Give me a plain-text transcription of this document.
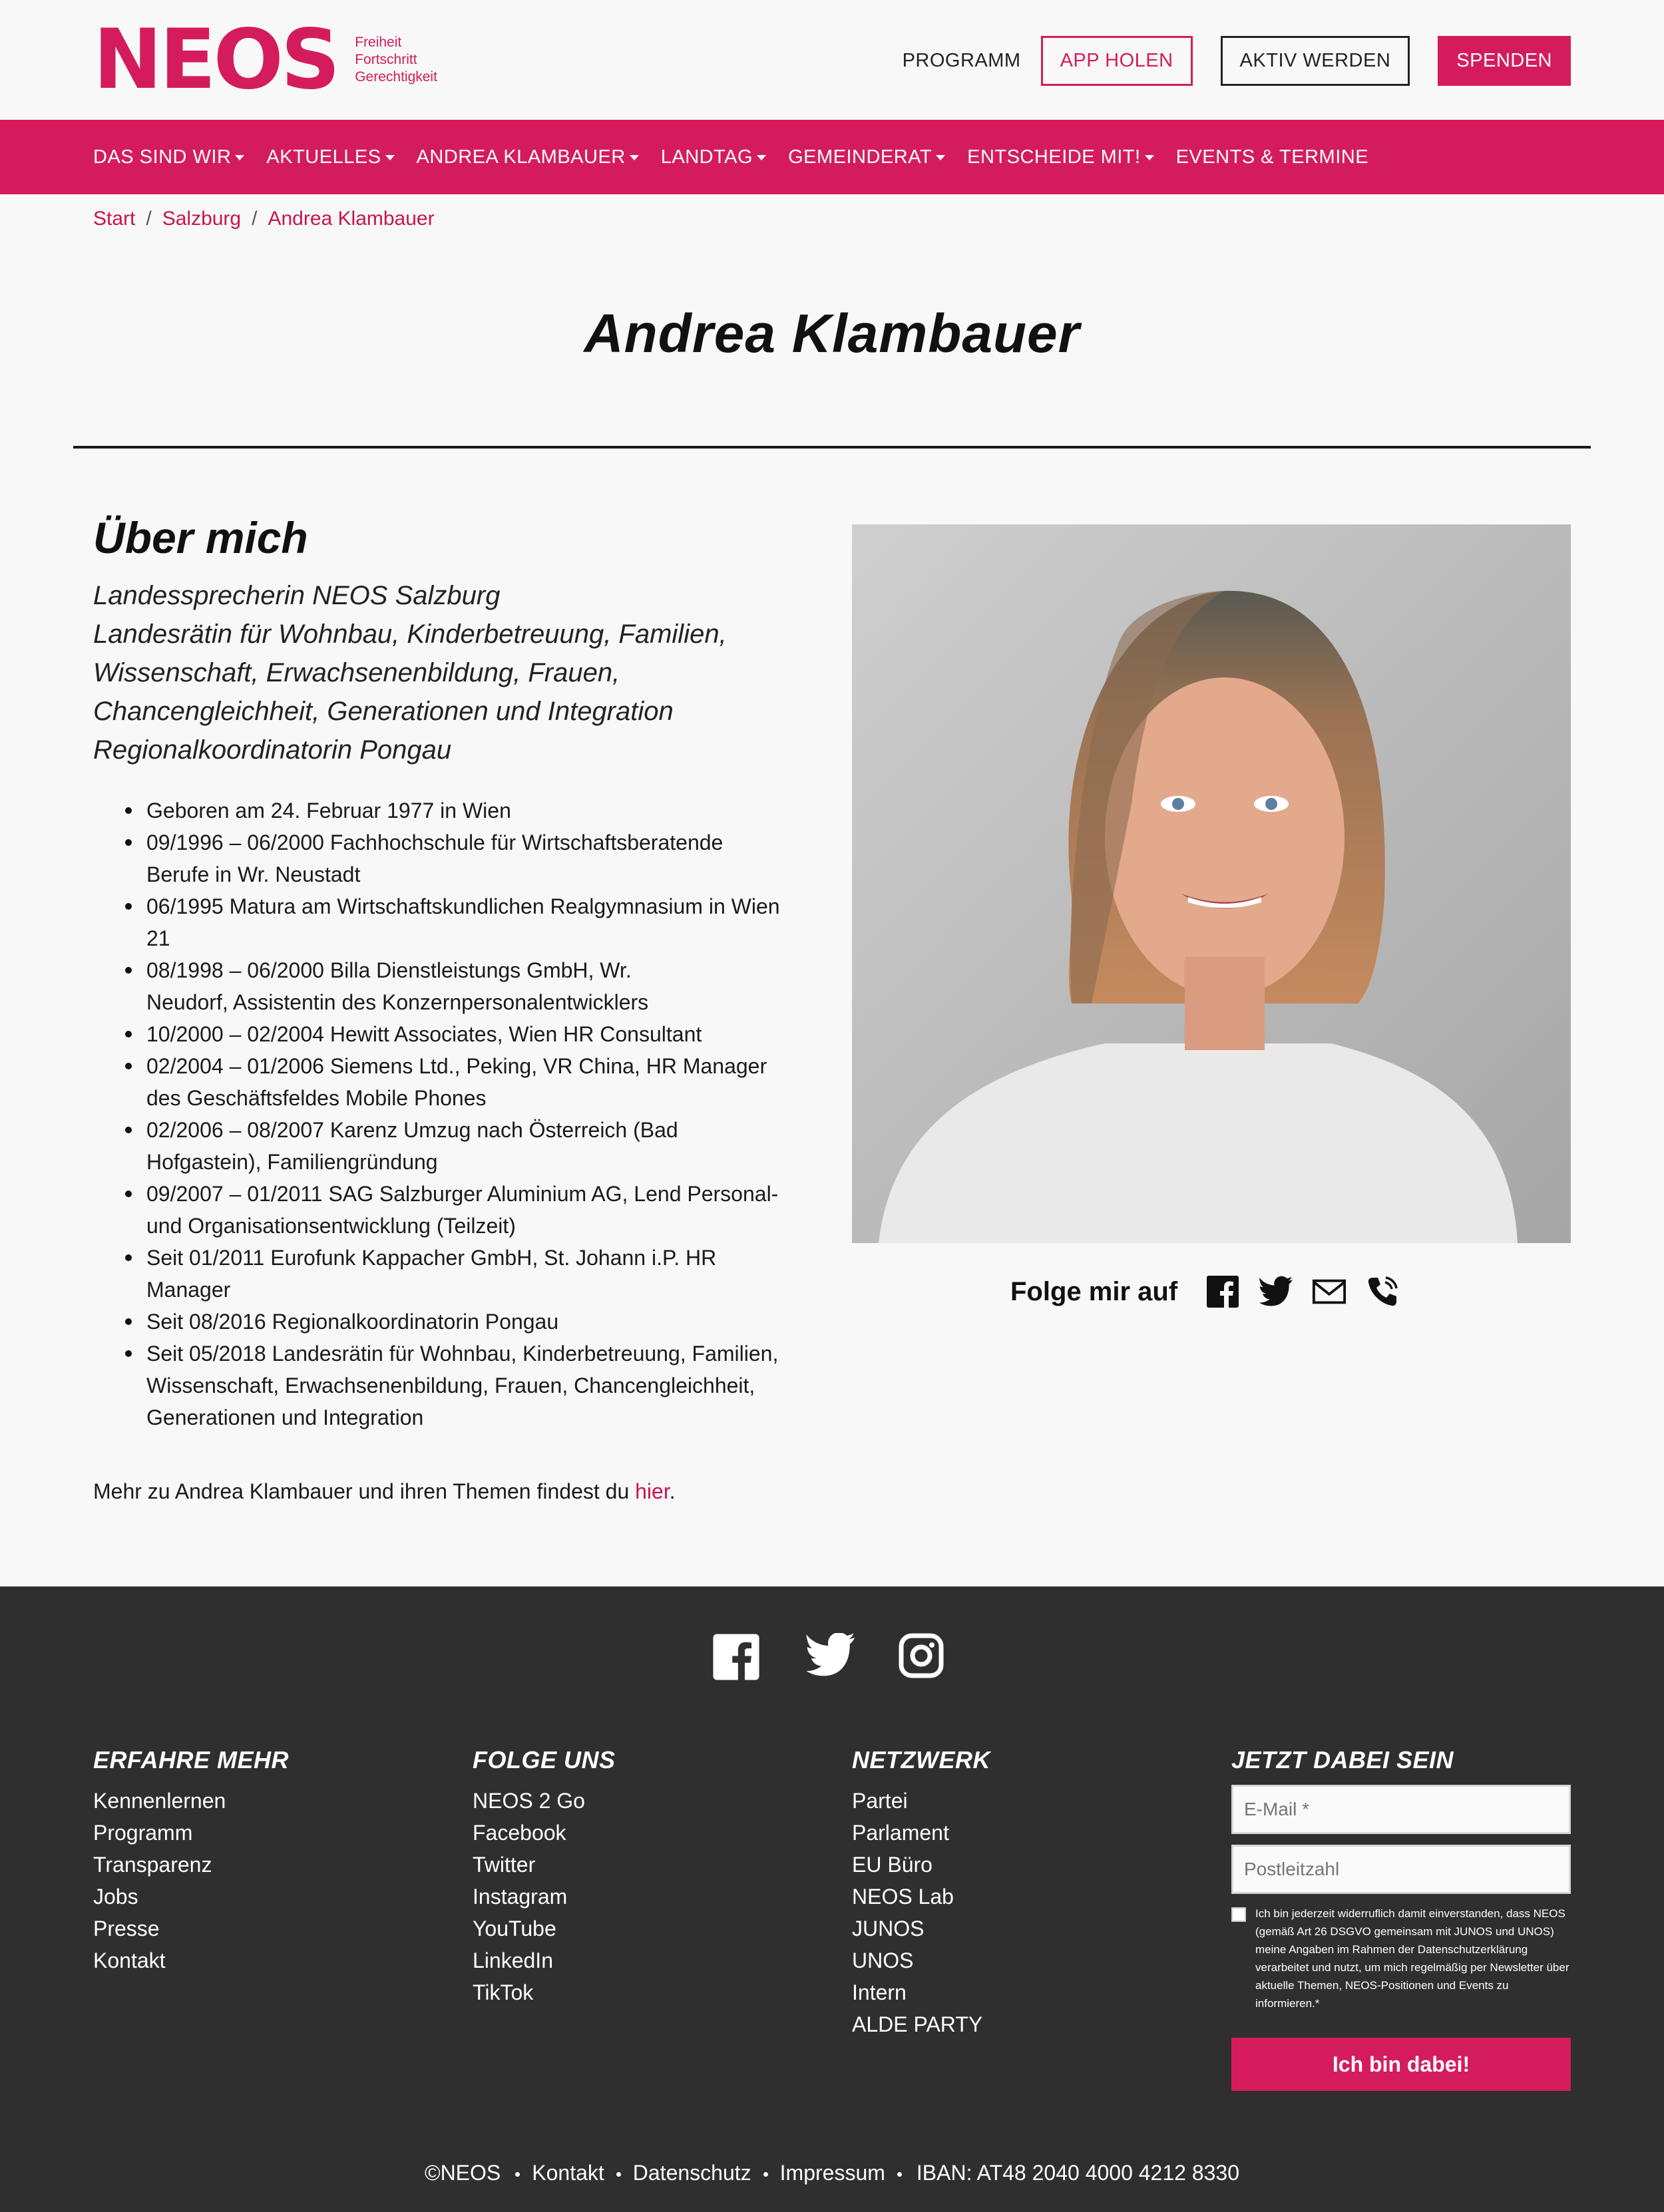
NEOS Freiheit
Fortschritt
Gerechtigkeit
PROGRAMM	APP HOLEN	AKTIV WERDEN	SPENDEN
DAS SIND WIR AKTUELLES ANDREA KLAMBAUER LANDTAG GEMEINDERAT ENTSCHEIDE MIT! EVENTS & TERMINE
Start / Salzburg / Andrea Klambauer
Andrea Klambauer
Über mich
Landessprecherin NEOS Salzburg
Landesrätin für Wohnbau, Kinderbetreuung, Familien,
Wissenschaft, Erwachsenenbildung, Frauen,
Chancengleichheit, Generationen und Integration
Regionalkoordinatorin Pongau
Geboren am 24. Februar 1977 in Wien
09/1996 – 06/2000 Fachhochschule für Wirtschaftsberatende
Berufe in Wr. Neustadt
06/1995 Matura am Wirtschaftskundlichen Realgymnasium in Wien
21
08/1998 – 06/2000 Billa Dienstleistungs GmbH, Wr.
Neudorf, Assistentin des Konzernpersonalentwicklers
10/2000 – 02/2004 Hewitt Associates, Wien HR Consultant
02/2004 – 01/2006 Siemens Ltd., Peking, VR China, HR Manager
des Geschäftsfeldes Mobile Phones
02/2006 – 08/2007 Karenz Umzug nach Österreich (Bad
Hofgastein), Familiengründung
09/2007 – 01/2011 SAG Salzburger Aluminium AG, Lend Personal-
und Organisationsentwicklung (Teilzeit)
Seit 01/2011 Eurofunk Kappacher GmbH, St. Johann i.P. HR
Manager
Seit 08/2016 Regionalkoordinatorin Pongau
Seit 05/2018 Landesrätin für Wohnbau, Kinderbetreuung, Familien,
Wissenschaft, Erwachsenenbildung, Frauen, Chancengleichheit,
Generationen und Integration

Mehr zu Andrea Klambauer und ihren Themen findest du hier.

Folge mir auf
ERFAHRE MEHR
Kennenlernen
Programm
Transparenz
Jobs
Presse
Kontakt
FOLGE UNS
NEOS 2 Go
Facebook
Twitter
Instagram
YouTube
LinkedIn
TikTok
NETZWERK
Partei
Parlament
EU Büro
NEOS Lab
JUNOS
UNOS
Intern
ALDE PARTY
JETZT DABEI SEIN
E-Mail *
Postleitzahl
Ich bin jederzeit widerruflich damit einverstanden, dass NEOS (gemäß Art 26 DSGVO gemeinsam mit JUNOS und UNOS) meine Angaben im Rahmen der Datenschutzerklärung verarbeitet und nutzt, um mich regelmäßig per Newsletter über aktuelle Themen, NEOS-Positionen und Events zu informieren.*
Ich bin dabei!
©NEOS Kontakt Datenschutz Impressum IBAN: AT48 2040 4000 4212 8330
